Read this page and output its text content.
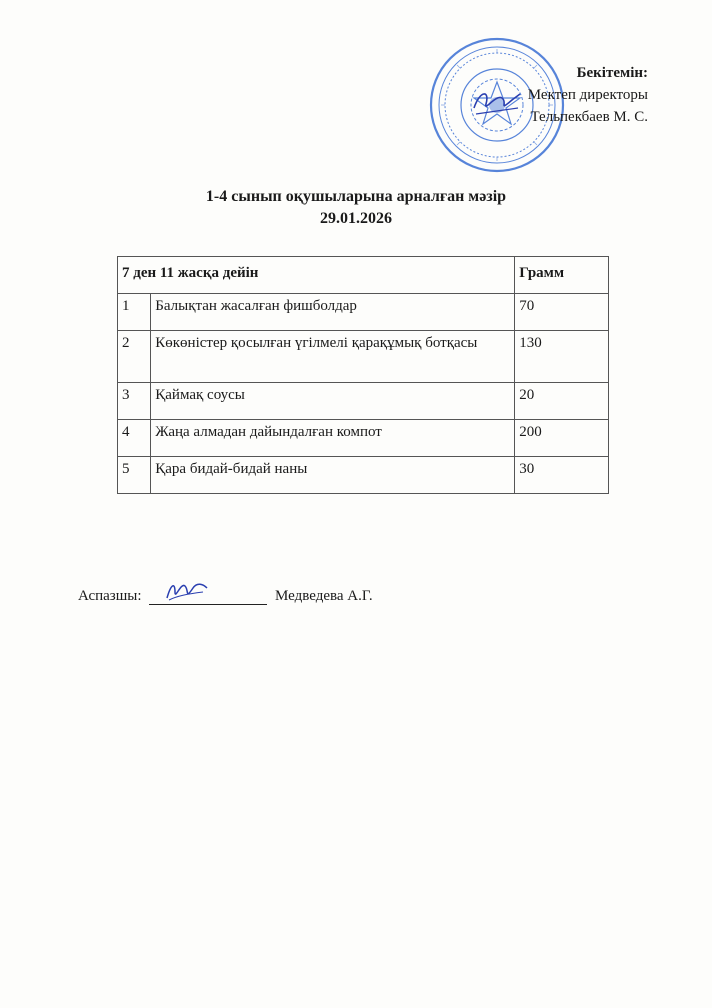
Бекітемін:
Мектеп директоры
Тельпекбаев М. С.
1-4 сынып оқушыларына арналған мәзір
29.01.2026
7 ден 11 жасқа дейін		Грамм
1	Балықтан жасалған фишболдар	70
2	Көкөністер қосылған үгілмелі қарақұмық ботқасы	130
3	Қаймақ соусы	20
4	Жаңа алмадан дайындалған компот	200
5	Қара бидай-бидай наны	30
Аспазшы:	Медведева А.Г.
